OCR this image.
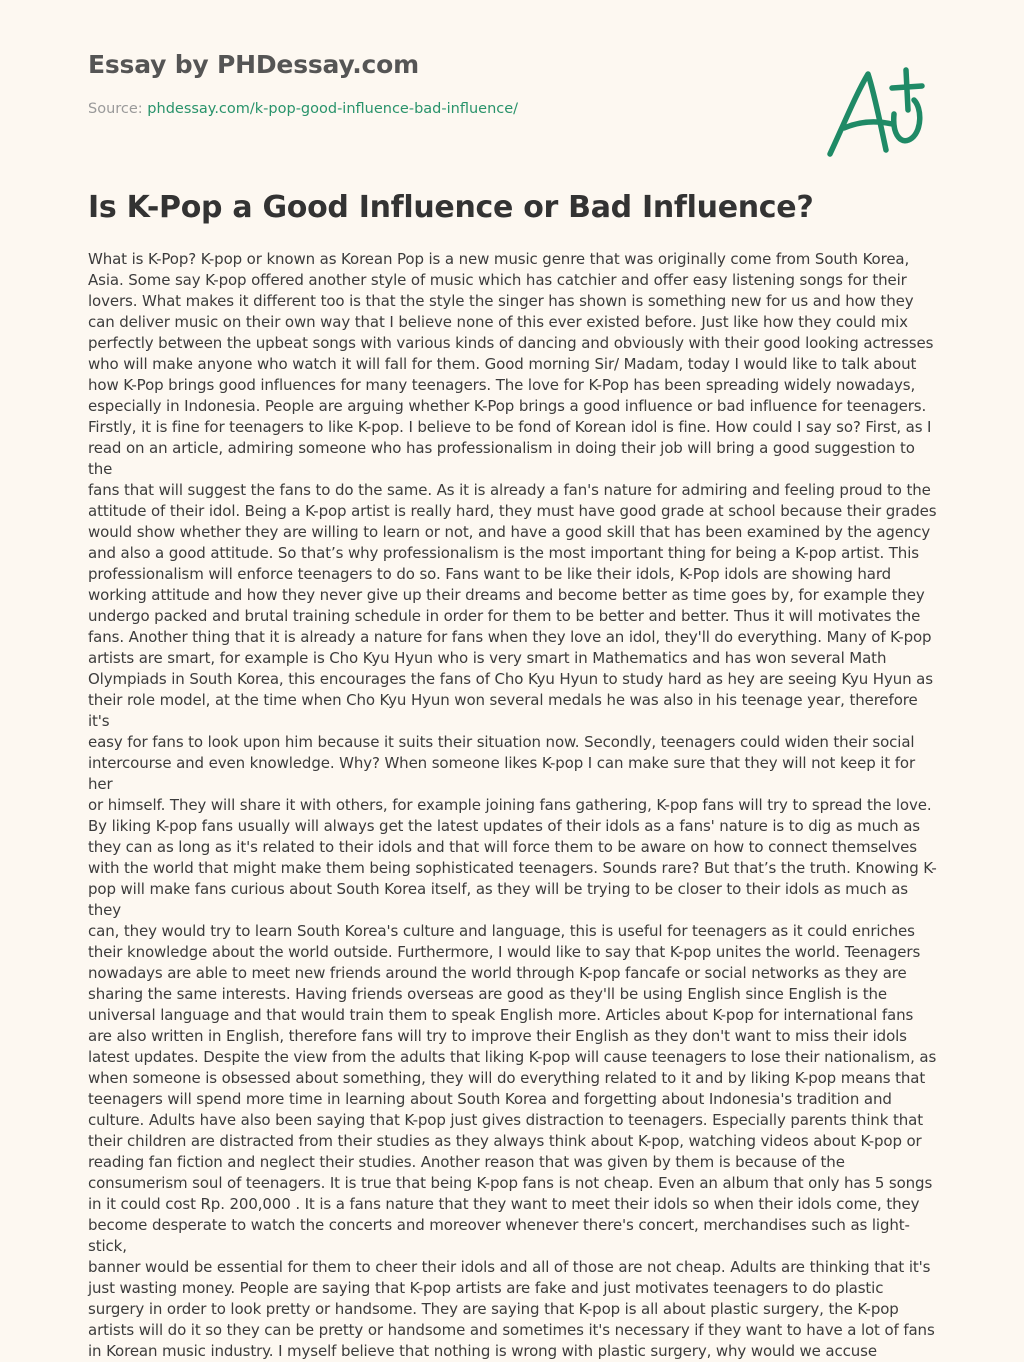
Essay by PHDessay.com
Source: phdessay.com/k-pop-good-influence-bad-influence/
Is K-Pop a Good Influence or Bad Influence?

What is K-Pop? K-pop or known as Korean Pop is a new music genre that was originally come from South Korea,
Asia. Some say K-pop offered another style of music which has catchier and offer easy listening songs for their
lovers. What makes it different too is that the style the singer has shown is something new for us and how they
can deliver music on their own way that I believe none of this ever existed before. Just like how they could mix
perfectly between the upbeat songs with various kinds of dancing and obviously with their good looking actresses
who will make anyone who watch it will fall for them. Good morning Sir/ Madam, today I would like to talk about
how K-Pop brings good influences for many teenagers. The love for K-Pop has been spreading widely nowadays,
especially in Indonesia. People are arguing whether K-Pop brings a good influence or bad influence for teenagers.
Firstly, it is fine for teenagers to like K-pop. I believe to be fond of Korean idol is fine. How could I say so? First, as I
read on an article, admiring someone who has professionalism in doing their job will bring a good suggestion to the
fans that will suggest the fans to do the same. As it is already a fan's nature for admiring and feeling proud to the
attitude of their idol. Being a K-pop artist is really hard, they must have good grade at school because their grades
would show whether they are willing to learn or not, and have a good skill that has been examined by the agency
and also a good attitude. So that’s why professionalism is the most important thing for being a K-pop artist. This
professionalism will enforce teenagers to do so. Fans want to be like their idols, K-Pop idols are showing hard
working attitude and how they never give up their dreams and become better as time goes by, for example they
undergo packed and brutal training schedule in order for them to be better and better. Thus it will motivates the
fans. Another thing that it is already a nature for fans when they love an idol, they'll do everything. Many of K-pop
artists are smart, for example is Cho Kyu Hyun who is very smart in Mathematics and has won several Math
Olympiads in South Korea, this encourages the fans of Cho Kyu Hyun to study hard as hey are seeing Kyu Hyun as
their role model, at the time when Cho Kyu Hyun won several medals he was also in his teenage year, therefore it's
easy for fans to look upon him because it suits their situation now. Secondly, teenagers could widen their social
intercourse and even knowledge. Why? When someone likes K-pop I can make sure that they will not keep it for her
or himself. They will share it with others, for example joining fans gathering, K-pop fans will try to spread the love.
By liking K-pop fans usually will always get the latest updates of their idols as a fans' nature is to dig as much as
they can as long as it's related to their idols and that will force them to be aware on how to connect themselves
with the world that might make them being sophisticated teenagers. Sounds rare? But that’s the truth. Knowing K-
pop will make fans curious about South Korea itself, as they will be trying to be closer to their idols as much as they
can, they would try to learn South Korea's culture and language, this is useful for teenagers as it could enriches
their knowledge about the world outside. Furthermore, I would like to say that K-pop unites the world. Teenagers
nowadays are able to meet new friends around the world through K-pop fancafe or social networks as they are
sharing the same interests. Having friends overseas are good as they'll be using English since English is the
universal language and that would train them to speak English more. Articles about K-pop for international fans
are also written in English, therefore fans will try to improve their English as they don't want to miss their idols
latest updates. Despite the view from the adults that liking K-pop will cause teenagers to lose their nationalism, as
when someone is obsessed about something, they will do everything related to it and by liking K-pop means that
teenagers will spend more time in learning about South Korea and forgetting about Indonesia's tradition and
culture. Adults have also been saying that K-pop just gives distraction to teenagers. Especially parents think that
their children are distracted from their studies as they always think about K-pop, watching videos about K-pop or
reading fan fiction and neglect their studies. Another reason that was given by them is because of the
consumerism soul of teenagers. It is true that being K-pop fans is not cheap. Even an album that only has 5 songs
in it could cost Rp. 200,000 . It is a fans nature that they want to meet their idols so when their idols come, they
become desperate to watch the concerts and moreover whenever there's concert, merchandises such as light-stick,
banner would be essential for them to cheer their idols and all of those are not cheap. Adults are thinking that it's
just wasting money. People are saying that K-pop artists are fake and just motivates teenagers to do plastic
surgery in order to look pretty or handsome. They are saying that K-pop is all about plastic surgery, the K-pop
artists will do it so they can be pretty or handsome and sometimes it's necessary if they want to have a lot of fans
in Korean music industry. I myself believe that nothing is wrong with plastic surgery, why would we accuse
